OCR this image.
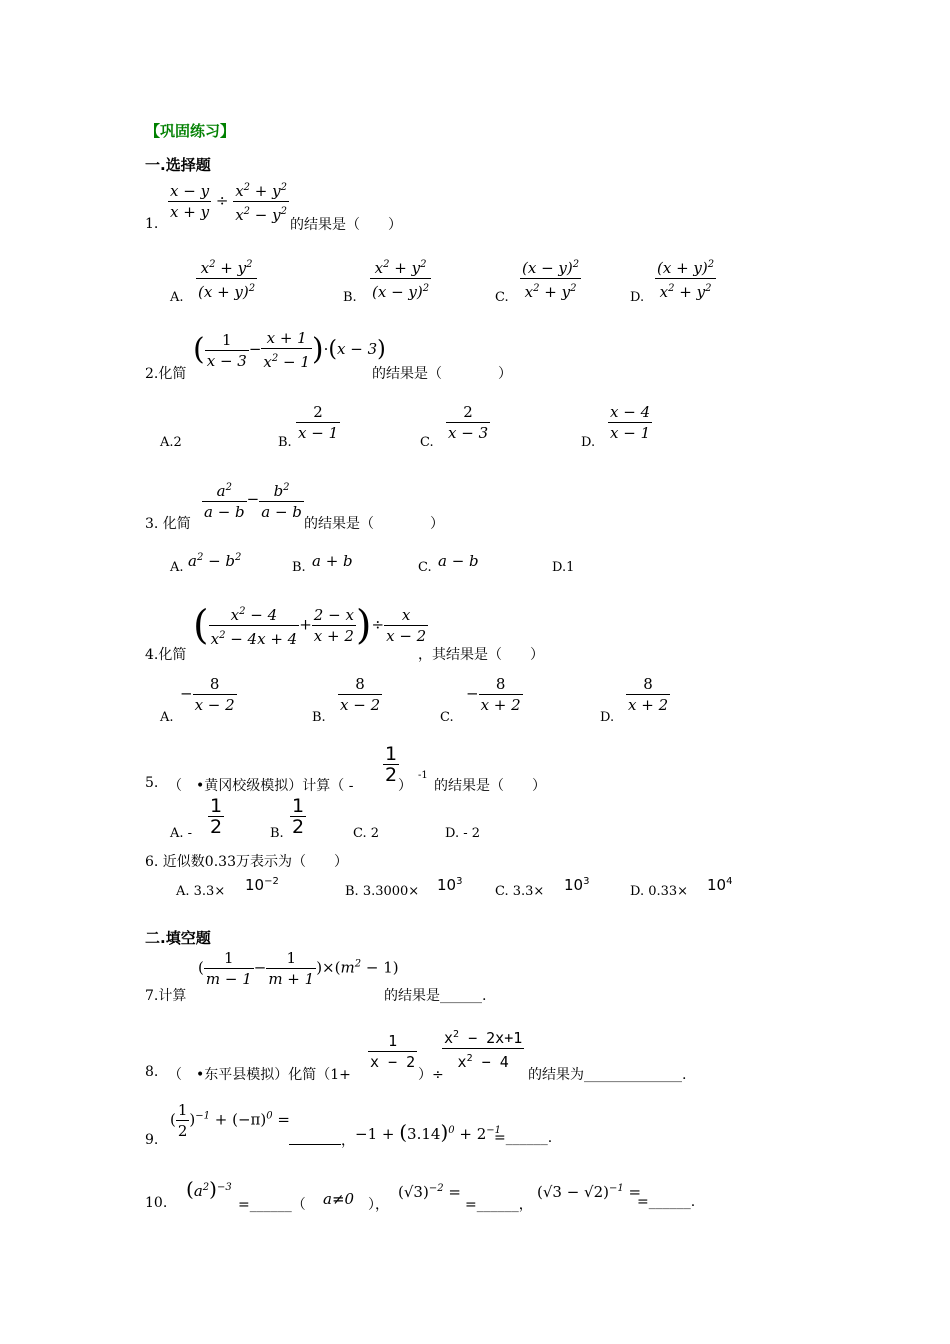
【巩固练习】
一.选择题
$\frac{x - y}{x + y} \div \frac{x^2 + y^2}{x^2 - y^2}$
1.	的结果是（　　）
A. $\frac{x^2 + y^2}{(x + y)^2}$	B. $\frac{x^2 + y^2}{(x - y)^2}$	C. $\frac{(x - y)^2}{x^2 + y^2}$	D. $\frac{(x + y)^2}{x^2 + y^2}$
2.化简
( $\frac{1}{x - 3} - \frac{x + 1}{x^2 - 1} )\cdot(x - 3)$
的结果是（　　　　）
A.2	B. $\frac{2}{x - 1}$	C. $\frac{2}{x - 3}$	D. $\frac{x - 4}{x - 1}$
3. 化简
$\frac{a^2}{a - b} - \frac{b^2}{a - b}$
的结果是（　　　　）
A. $a^2 - b^2$
B. a + b	C. a − b	D.1
4.化简
( $\frac{x^2 - 4}{x^2 - 4x + 4} + \frac{2 - x}{x + 2}$ )÷ $\frac{x}{x - 2}$
，其结果是（　　）
A.
− $\frac{8}{x - 2}$
B.
$\frac{8}{x - 2}$
C.
− $\frac{8}{x + 2}$
D.
$\frac{8}{x + 2}$
5. （　•黄冈校级模拟）计算（ -
$\frac{1}{2}$
）
-1
的结果是（　　）
A. - $\frac{1}{2}$	B. $\frac{1}{2}$	C. 2	D. - 2
6. 近似数0.33万表示为（　　）
A. $3.3\times 10^{-2}$
B. $3.3000\times 10^3$
C. $3.3\times 10^3$
D. $0.33\times 10^4$
二.填空题
7.计算
( $\frac{1}{m - 1} - \frac{1}{m + 1} )\times(m^2 - 1)$
的结果是______.
8. （　•东平县模拟）化简（1+
$\frac{1}{x - 2}$
）÷
$\frac{x^2 - 2x+1}{x^2 - 4}$
的结果为______________.
9.
( $\frac{1}{2} )^{-1} + (-\pi)^0$ =
， $-1 + (3.14)^0 + 2^{-1}$
=______.
10.
$(a^2)^{-3}$
=______（ a≠0 ），
$(√3)^{-2}$ =
=______，
$(√3 - √2)^{-1}$ =
=______.
